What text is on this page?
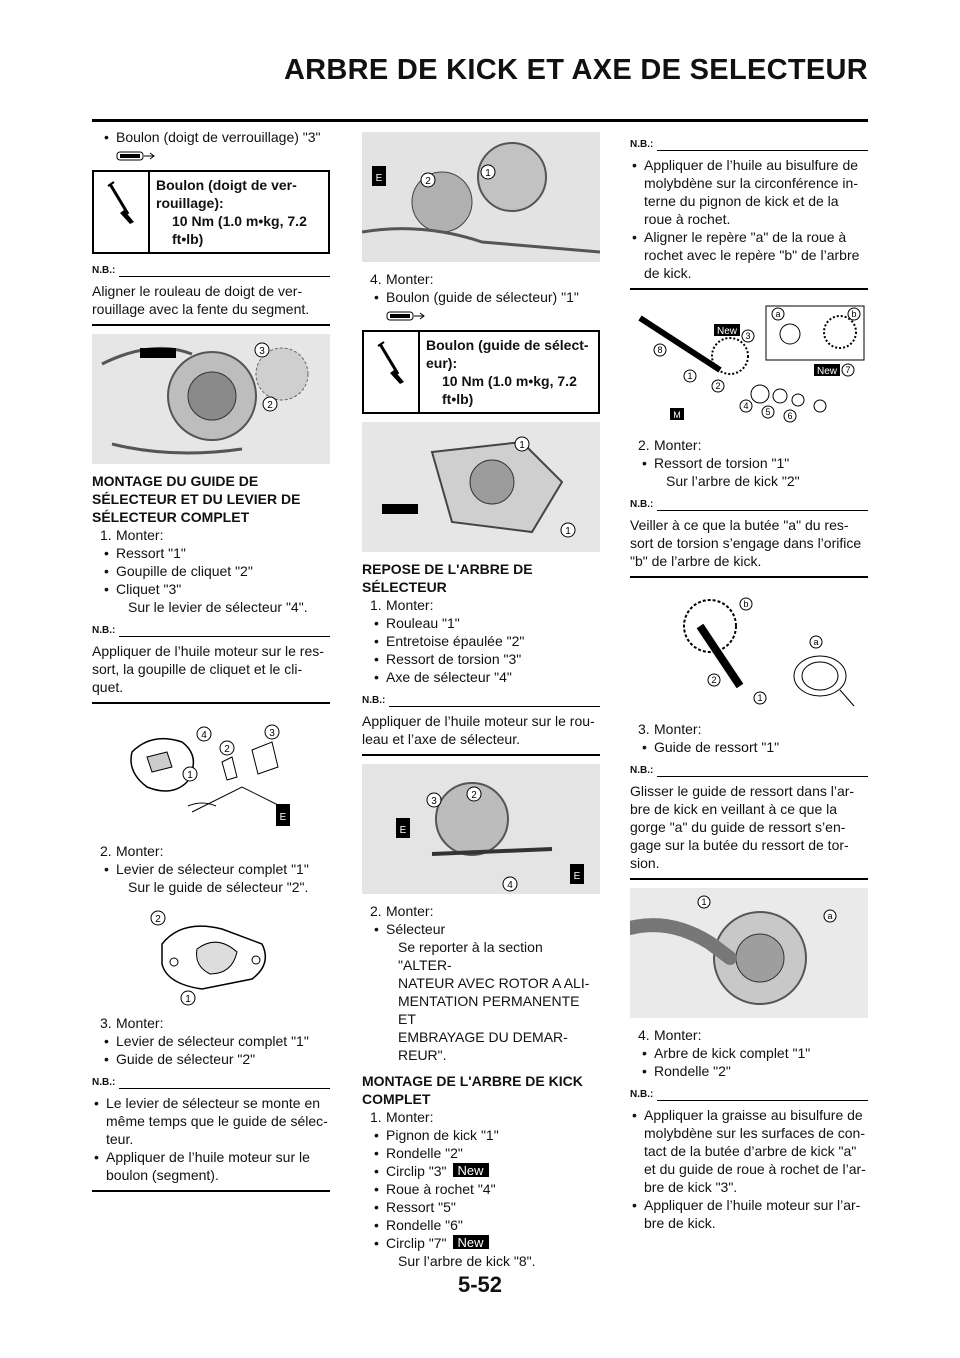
ARBRE DE KICK ET AXE DE SELECTEUR
• Boulon (doigt de verrouillage) "3"

Boulon (doigt de ver-
rouillage):
10 Nm (1.0 m•kg, 7.2
ft•lb)
N.B.:
Aligner le rouleau de doigt de ver-
rouillage avec la fente du segment.
3
2
MONTAGE DU GUIDE DE
SÉLECTEUR ET DU LEVIER DE
SÉLECTEUR COMPLET
1. Monter:
• Ressort "1"
• Goupille de cliquet "2"
• Cliquet "3"
Sur le levier de sélecteur "4".
N.B.:
Appliquer de l’huile moteur sur le res-
sort, la goupille de cliquet et le cli-
quet.
E
4
2
3
1
2. Monter:
• Levier de sélecteur complet "1"
Sur le guide de sélecteur "2".
2
1
3. Monter:
• Levier de sélecteur complet "1"
• Guide de sélecteur "2"
N.B.:
• Le levier de sélecteur se monte en
même temps que le guide de sélec-
teur.
• Appliquer de l’huile moteur sur le
boulon (segment).
E	2
1
4. Monter:
• Boulon (guide de sélecteur) "1"

Boulon (guide de sélect-
eur):
10 Nm (1.0 m•kg, 7.2
ft•lb)
1
1
REPOSE DE L'ARBRE DE
SÉLECTEUR
1. Monter:
• Rouleau "1"
• Entretoise épaulée "2"
• Ressort de torsion "3"
• Axe de sélecteur "4"
N.B.:
Appliquer de l’huile moteur sur le rou-
leau et l’axe de sélecteur.
E
E
3
2
4
2. Monter:
• Sélecteur
Se reporter à la section "ALTER-
NATEUR AVEC ROTOR A ALI-
MENTATION PERMANENTE ET
EMBRAYAGE DU DEMAR-
REUR".
MONTAGE DE L'ARBRE DE KICK
COMPLET
1. Monter:
• Pignon de kick "1"
• Rondelle "2"
• Circlip "3" New
• Roue à rochet "4"
• Ressort "5"
• Rondelle "6"
• Circlip "7" New
Sur l’arbre de kick "8".
N.B.:
• Appliquer de l’huile au bisulfure de
molybdène sur la circonférence in-
terne du pignon de kick et de la
roue à rochet.
• Aligner le repère "a" de la roue à
rochet avec le repère "b" de l’arbre
de kick.
New
New
M
8
1
2
3
4
5 6
7
a	b
2. Monter:
• Ressort de torsion "1"
Sur l’arbre de kick "2"
N.B.:
Veiller à ce que la butée "a" du res-
sort de torsion s’engage dans l’orifice
"b" de l’arbre de kick.
b
a
2
1
3. Monter:
• Guide de ressort "1"
N.B.:
Glisser le guide de ressort dans l’ar-
bre de kick en veillant à ce que la
gorge "a" du guide de ressort s’en-
gage sur la butée du ressort de tor-
sion.
1
a
4. Monter:
• Arbre de kick complet "1"
• Rondelle "2"
N.B.:
• Appliquer la graisse au bisulfure de
molybdène sur les surfaces de con-
tact de la butée d’arbre de kick "a"
et du guide de roue à rochet de l’ar-
bre de kick "3".
• Appliquer de l’huile moteur sur l’ar-
bre de kick.
5-52
